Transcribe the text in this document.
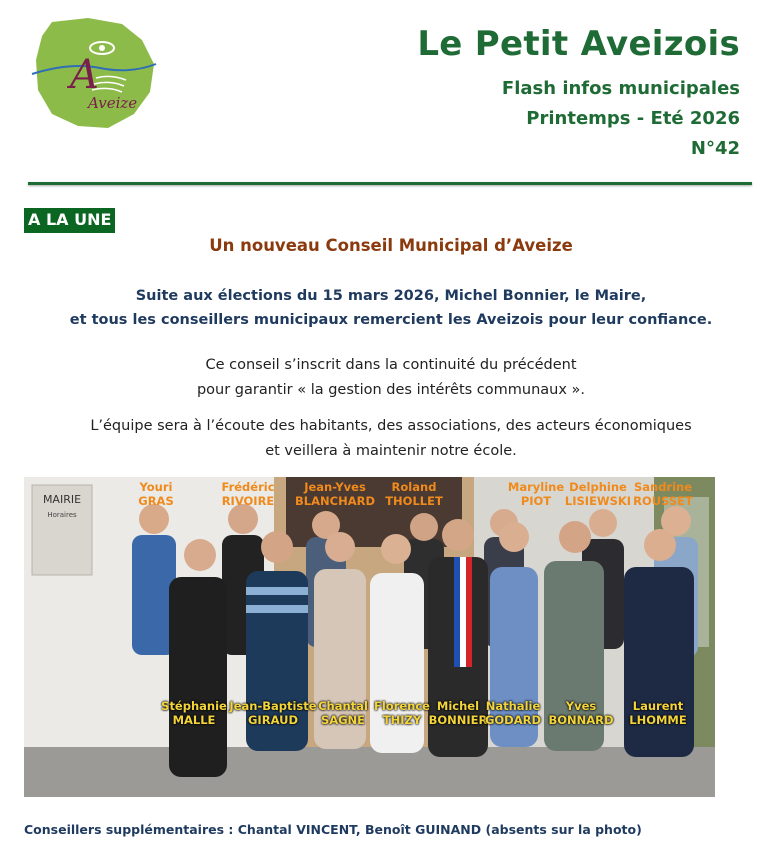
A
Aveize
Le Petit Aveizois
Flash infos municipales
Printemps - Eté 2026
N°42
A LA UNE
Un nouveau Conseil Municipal d’Aveize
Suite aux élections du 15 mars 2026, Michel Bonnier, le Maire,
et tous les conseillers municipaux remercient les Aveizois pour leur confiance.
Ce conseil s’inscrit dans la continuité du précédent
pour garantir « la gestion des intérêts communaux ».
L’équipe sera à l’écoute des habitants, des associations, des acteurs économiques
et veillera à maintenir notre école.
MAIRIE
Horaires
Youri
GRAS
Frédéric
RIVOIRE
Jean-Yves
BLANCHARD
Roland
THOLLET
Maryline
PIOT
Delphine
LISIEWSKI
Sandrine
ROUSSET
Stéphanie
MALLE
Jean-Baptiste
GIRAUD
Chantal
SAGNE
Florence
THIZY
Michel
BONNIER
Nathalie
GODARD
Yves
BONNARD
Laurent
LHOMME
Conseillers supplémentaires : Chantal VINCENT, Benoît GUINAND (absents sur la photo)
